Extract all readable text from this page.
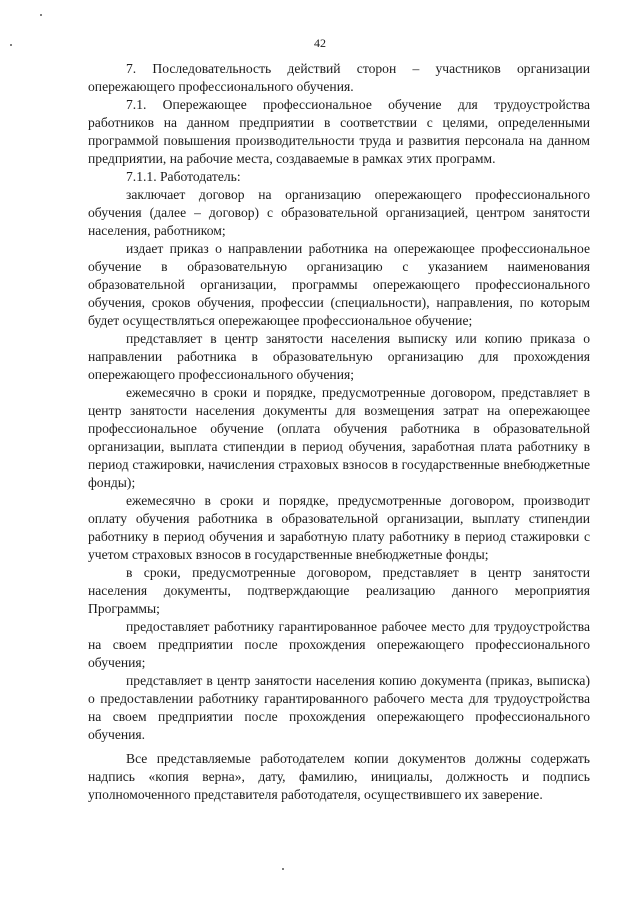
42

7. Последовательность действий сторон – участников организации опережающего профессионального обучения.

7.1. Опережающее профессиональное обучение для трудоустройства работников на данном предприятии в соответствии с целями, определенными программой повышения производительности труда и развития персонала на данном предприятии, на рабочие места, создаваемые в рамках этих программ.

7.1.1. Работодатель:

заключает договор на организацию опережающего профессионального обучения (далее – договор) с образовательной организацией, центром занятости населения, работником;

издает приказ о направлении работника на опережающее профессиональное обучение в образовательную организацию с указанием наименования образовательной организации, программы опережающего профессионального обучения, сроков обучения, профессии (специальности), направления, по которым будет осуществляться опережающее профессиональное обучение;

представляет в центр занятости населения выписку или копию приказа о направлении работника в образовательную организацию для прохождения опережающего профессионального обучения;

ежемесячно в сроки и порядке, предусмотренные договором, представляет в центр занятости населения документы для возмещения затрат на опережающее профессиональное обучение (оплата обучения работника в образовательной организации, выплата стипендии в период обучения, заработная плата работнику в период стажировки, начисления страховых взносов в государственные внебюджетные фонды);

ежемесячно в сроки и порядке, предусмотренные договором, производит оплату обучения работника в образовательной организации, выплату стипендии работнику в период обучения и заработную плату работнику в период стажировки с учетом страховых взносов в государственные внебюджетные фонды;

в сроки, предусмотренные договором, представляет в центр занятости населения документы, подтверждающие реализацию данного мероприятия Программы;

предоставляет работнику гарантированное рабочее место для трудоустройства на своем предприятии после прохождения опережающего профессионального обучения;

представляет в центр занятости населения копию документа (приказ, выписка) о предоставлении работнику гарантированного рабочего места для трудоустройства на своем предприятии после прохождения опережающего профессионального обучения.

Все представляемые работодателем копии документов должны содержать надпись «копия верна», дату, фамилию, инициалы, должность и подпись уполномоченного представителя работодателя, осуществившего их заверение.
